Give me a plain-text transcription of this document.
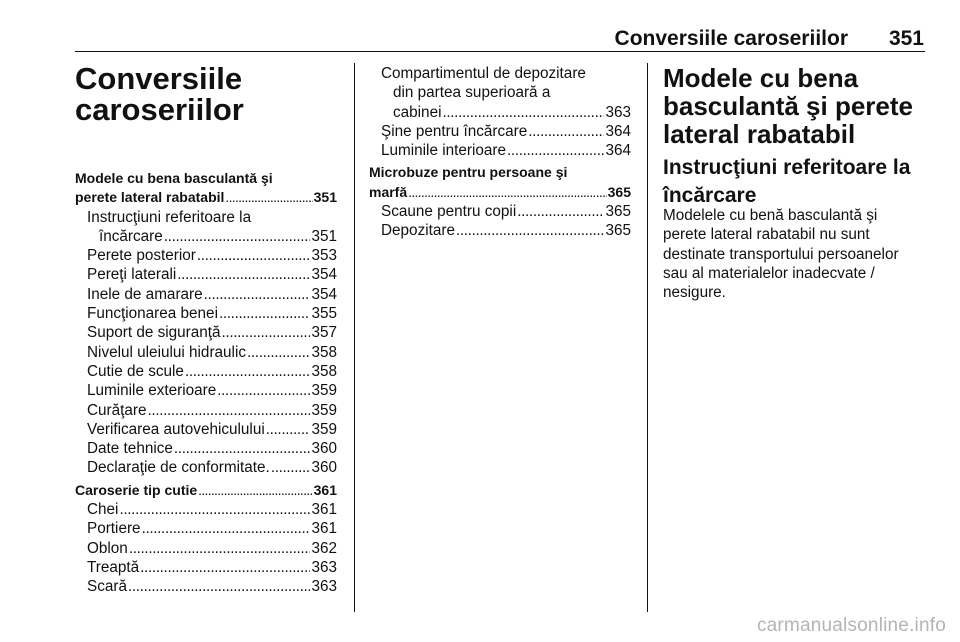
Conversiile caroseriilor	351
Conversiile
caroseriilor
Modele cu bena basculantă şi
perete lateral rabatabil . . .	351
Instrucţiuni referitoare la
încărcare . . .	351
Perete posterior . . .	353
Pereţi laterali . . .	354
Inele de amarare . . .	354
Funcţionarea benei . . .	355
Suport de siguranţă . . .	357
Nivelul uleiului hidraulic . . .	358
Cutie de scule . . .	358
Luminile exterioare . . .	359
Curăţare . . .	359
Verificarea autovehiculului . . .	359
Date tehnice . . .	360
Declaraţie de conformitate. . . .	360
Caroserie tip cutie . . .	361
Chei . . .	361
Portiere . . .	361
Oblon . . .	362
Treaptă . . .	363
Scară . . .	363
Compartimentul de depozitare
din partea superioară a
cabinei . . .	363
Şine pentru încărcare . . .	364
Luminile interioare . . .	364
Microbuze pentru persoane şi
marfă . . .	365
Scaune pentru copii . . .	365
Depozitare . . .	365
Modele cu bena
basculantă şi perete
lateral rabatabil
Instrucţiuni referitoare la
încărcare
Modelele cu benă basculantă şi
perete lateral rabatabil nu sunt
destinate transportului persoanelor
sau al materialelor inadecvate /
nesigure.
carmanualsonline.info
